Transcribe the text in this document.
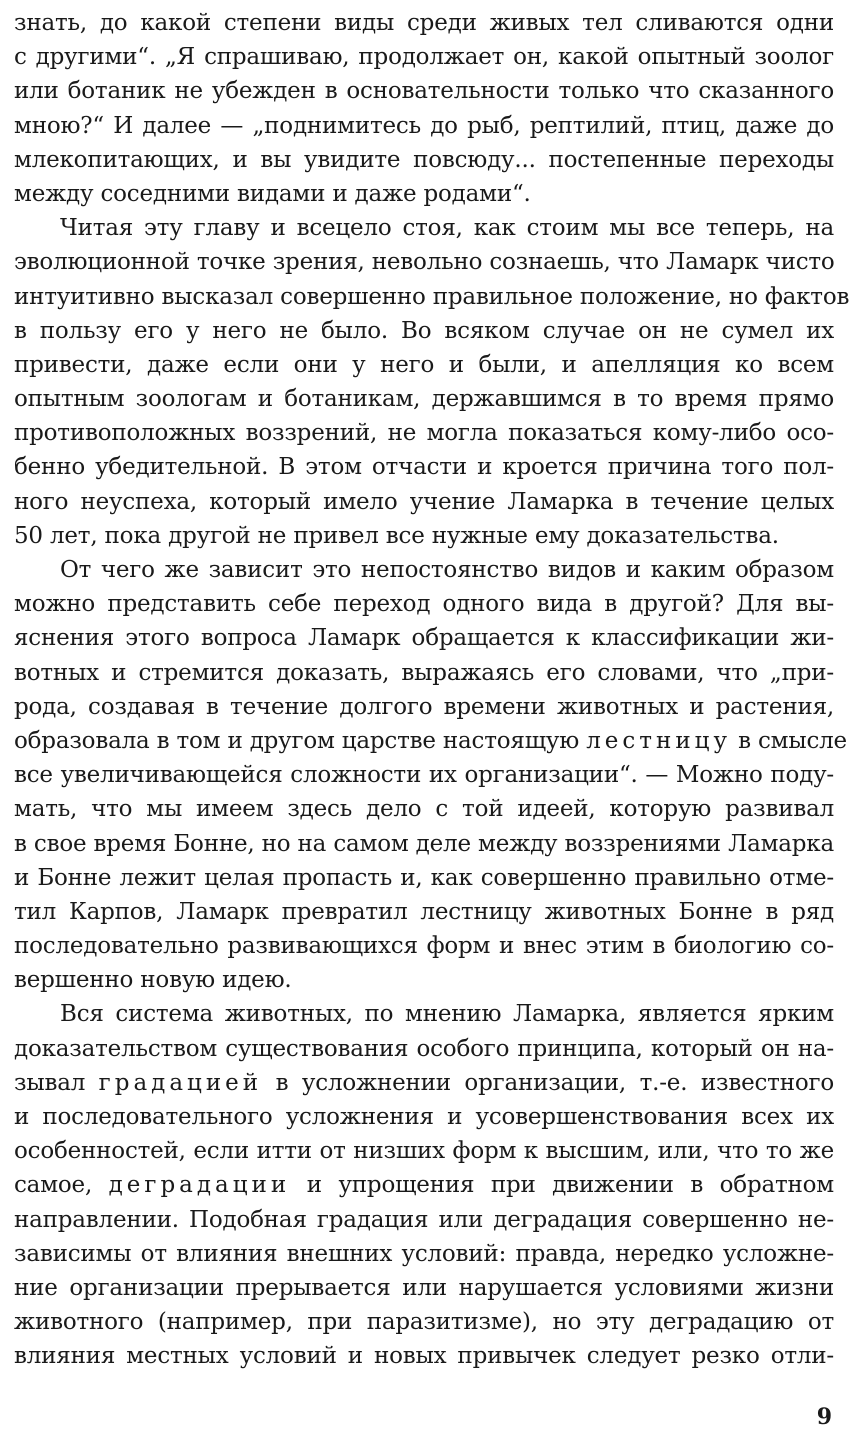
знать, до какой степени виды среди живых тел сливаются одни
с другими“. „Я спрашиваю, продолжает он, какой опытный зоолог
или ботаник не убежден в основательности только что сказанного
мною?“ И далее — „поднимитесь до рыб, рептилий, птиц, даже до
млекопитающих, и вы увидите повсюду... постепенные переходы
между соседними видами и даже родами“.
Читая эту главу и всецело стоя, как стоим мы все теперь, на
эволюционной точке зрения, невольно сознаешь, что Ламарк чисто
интуитивно высказал совершенно правильное положение, но фактов
в пользу его у него не было. Во всяком случае он не сумел их
привести, даже если они у него и были, и апелляция ко всем
опытным зоологам и ботаникам, державшимся в то время прямо
противоположных воззрений, не могла показаться кому-либо осо-
бенно убедительной. В этом отчасти и кроется причина того пол-
ного неуспеха, который имело учение Ламарка в течение целых
50 лет, пока другой не привел все нужные ему доказательства.
От чего же зависит это непостоянство видов и каким образом
можно представить себе переход одного вида в другой? Для вы-
яснения этого вопроса Ламарк обращается к классификации жи-
вотных и стремится доказать, выражаясь его словами, что „при-
рода, создавая в течение долгого времени животных и растения,
образовала в том и другом царстве настоящую лестницу в смысле
все увеличивающейся сложности их организации“. — Можно поду-
мать, что мы имеем здесь дело с той идеей, которую развивал
в свое время Бонне, но на самом деле между воззрениями Ламарка
и Бонне лежит целая пропасть и, как совершенно правильно отме-
тил Карпов, Ламарк превратил лестницу животных Бонне в ряд
последовательно развивающихся форм и внес этим в биологию со-
вершенно новую идею.
Вся система животных, по мнению Ламарка, является ярким
доказательством существования особого принципа, который он на-
зывал градацией в усложнении организации, т.-е. известного
и последовательного усложнения и усовершенствования всех их
особенностей, если итти от низших форм к высшим, или, что то же
самое, деградации и упрощения при движении в обратном
направлении. Подобная градация или деградация совершенно не-
зависимы от влияния внешних условий: правда, нередко усложне-
ние организации прерывается или нарушается условиями жизни
животного (например, при паразитизме), но эту деградацию от
влияния местных условий и новых привычек следует резко отли-
9
